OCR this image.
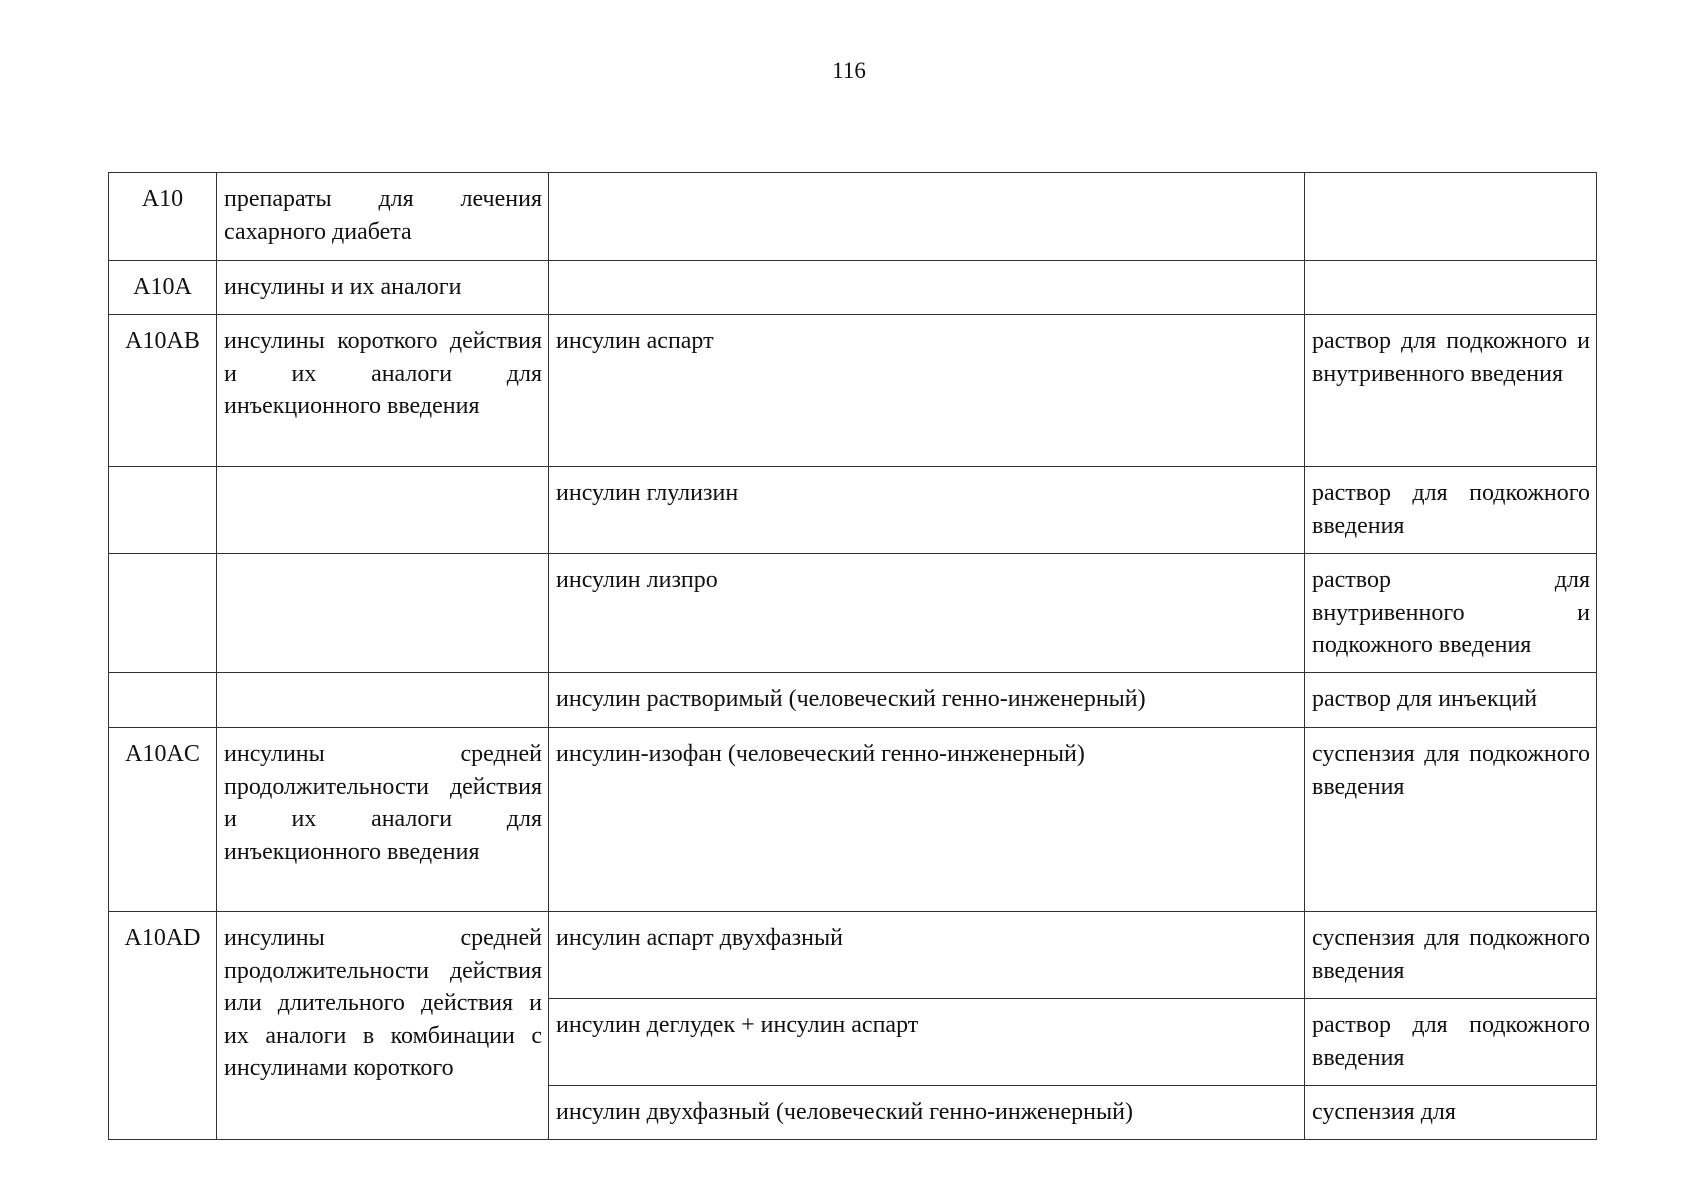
116
A10	препараты для лечения сахарного диабета		
A10A	инсулины и их аналоги		
A10AB	инсулины короткого действия и их аналоги для инъекционного введения	инсулин аспарт	раствор для подкожного и внутривенного введения
		инсулин глулизин	раствор для подкожного введения
		инсулин лизпро	раствор для внутривенного и подкожного введения
		инсулин растворимый (человеческий генно-инженерный)	раствор для инъекций
A10AC	инсулины средней продолжительности действия и их аналоги для инъекционного введения	инсулин-изофан (человеческий генно-инженерный)	суспензия для подкожного введения
A10AD	инсулины средней продолжительности действия или длительного действия и их аналоги в комбинации с инсулинами короткого	инсулин аспарт двухфазный	суспензия для подкожного введения
		инсулин деглудек + инсулин аспарт	раствор для подкожного введения
		инсулин двухфазный (человеческий генно-инженерный)	суспензия для
